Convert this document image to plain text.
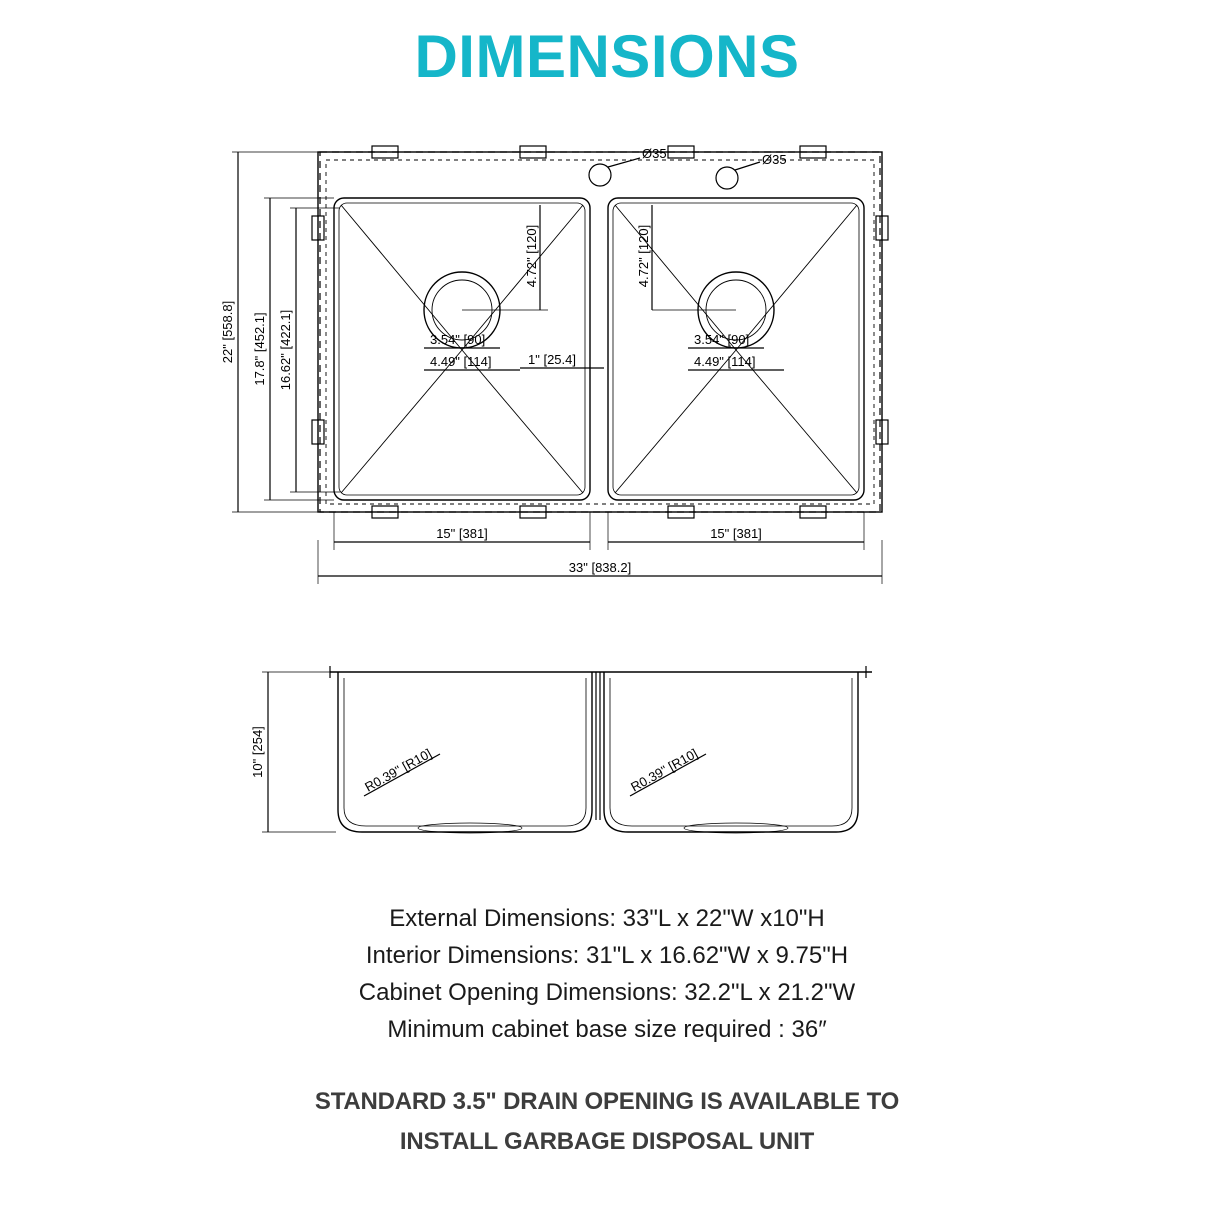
DIMENSIONS
22" [558.8] 17.8" [452.1] 16.62" [422.1]
Ø35	Ø35
4.72" [120]	4.72" [120]
3.54" [90]
4.49" [114]
3.54" [90]
4.49" [114]
1" [25.4]
15" [381]	15" [381]
33" [838.2]
10" [254]	R0.39" [R10]	R0.39" [R10]
External Dimensions: 33"L x 22"W x10"H
Interior Dimensions: 31"L x 16.62"W x 9.75"H
Cabinet Opening Dimensions: 32.2"L x 21.2"W
Minimum cabinet base size required : 36″
STANDARD 3.5" DRAIN OPENING IS AVAILABLE TO
INSTALL GARBAGE DISPOSAL UNIT
